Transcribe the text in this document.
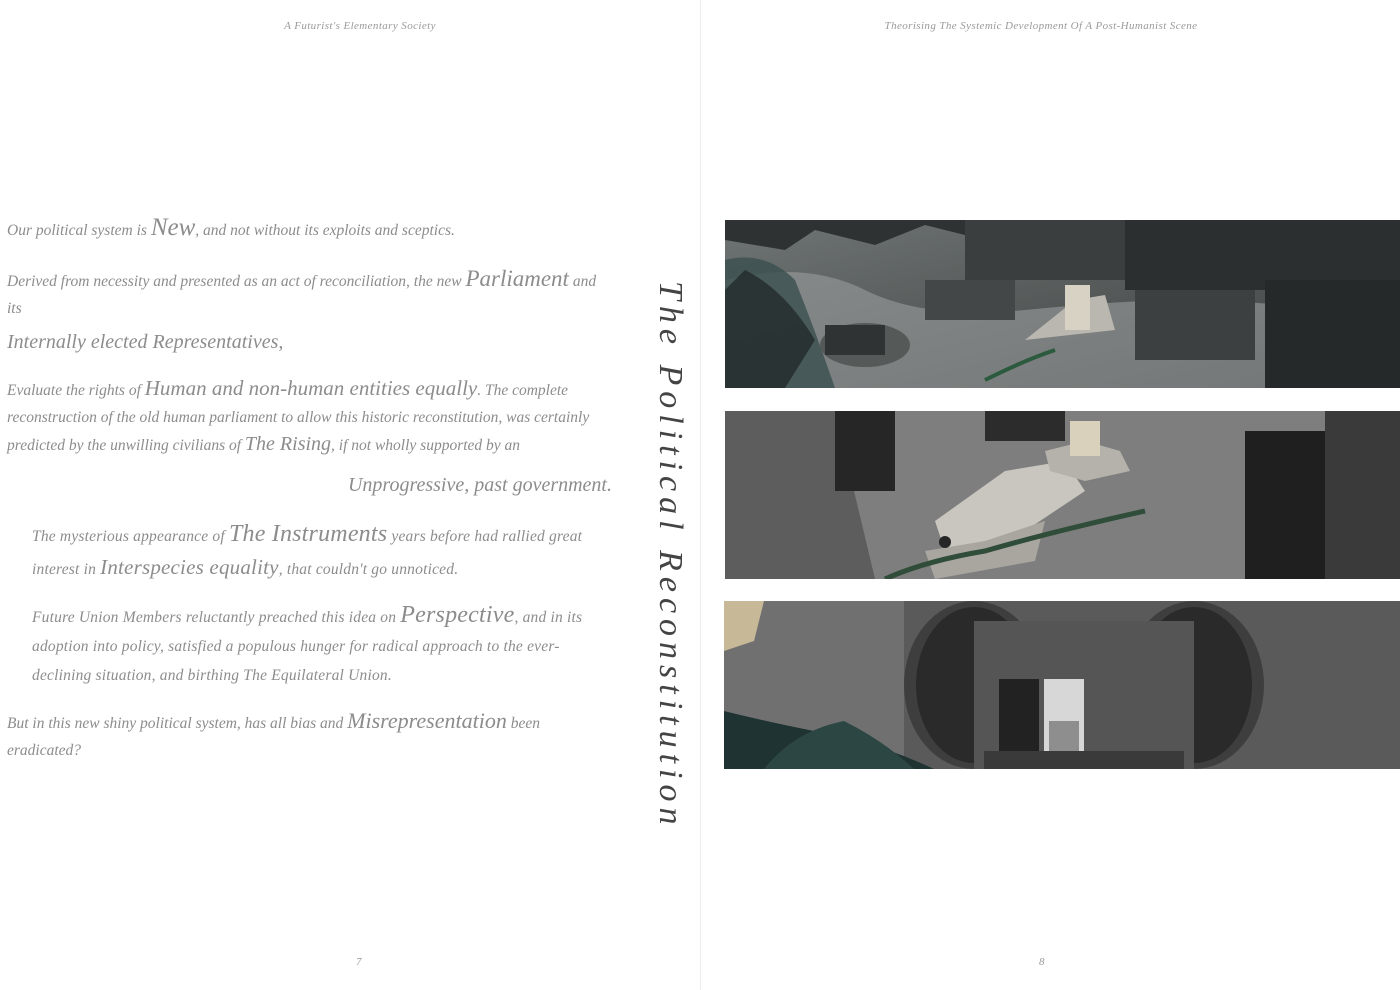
A Futurist's Elementary Society

Our political system is New, and not without its exploits and sceptics.

Derived from necessity and presented as an act of reconciliation, the new Parliament and its

Internally elected Representatives,

Evaluate the rights of Human and non-human entities equally. The complete reconstruction of the old human parliament to allow this historic reconstitution, was certainly predicted by the unwilling civilians of The Rising, if not wholly supported by an

Unprogressive, past government.

The mysterious appearance of The Instruments years before had rallied great interest in Interspecies equality, that couldn't go unnoticed.

Future Union Members reluctantly preached this idea on Perspective, and in its adoption into policy, satisfied a populous hunger for radical approach to the ever-declining situation, and birthing The Equilateral Union.

But in this new shiny political system, has all bias and Misrepresentation been eradicated?	The Political Reconstitution
7
Theorising The Systemic Development Of A Post-Humanist Scene
8
